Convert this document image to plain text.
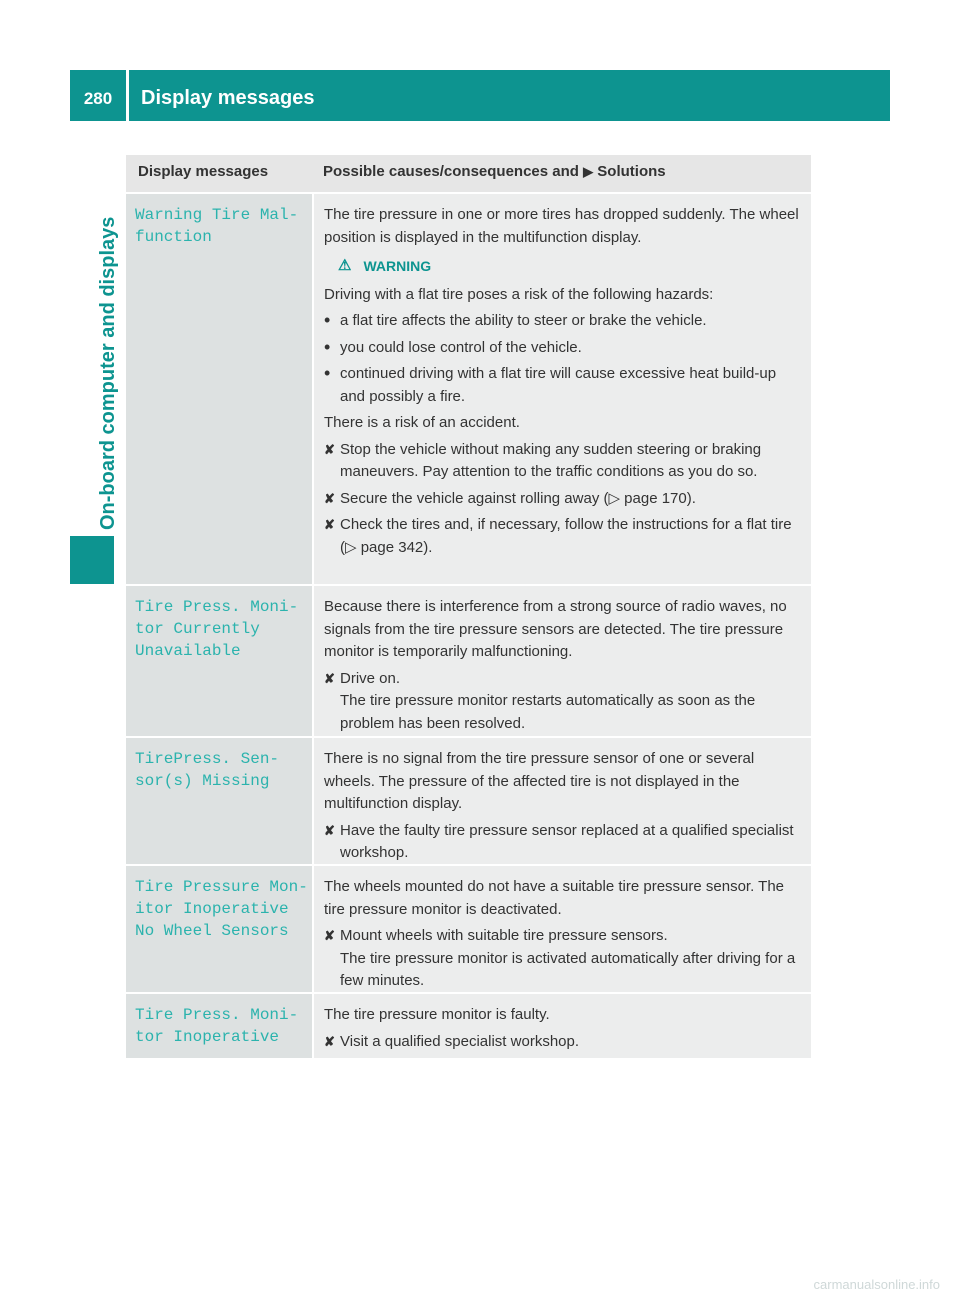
280	Display messages
On-board computer and displays
Display messages	Possible causes/consequences and ▶ Solutions
Warning Tire Mal‐
function

The tire pressure in one or more tires has dropped suddenly. The wheel position is displayed in the multifunction display.

⚠ WARNING

Driving with a flat tire poses a risk of the following hazards:

• a flat tire affects the ability to steer or brake the vehicle.
• you could lose control of the vehicle.
• continued driving with a flat tire will cause excessive heat build-up and possibly a fire.

There is a risk of an accident.

✘ Stop the vehicle without making any sudden steering or braking maneuvers. Pay attention to the traffic conditions as you do so.
✘ Secure the vehicle against rolling away (▷ page 170).
✘ Check the tires and, if necessary, follow the instructions for a flat tire (▷ page 342).
Tire Press. Moni‐
tor Currently
Unavailable

Because there is interference from a strong source of radio waves, no signals from the tire pressure sensors are detected. The tire pressure monitor is temporarily malfunctioning.

✘ Drive on.
The tire pressure monitor restarts automatically as soon as the problem has been resolved.
TirePress. Sen‐
sor(s) Missing

There is no signal from the tire pressure sensor of one or several wheels. The pressure of the affected tire is not displayed in the multifunction display.

✘ Have the faulty tire pressure sensor replaced at a qualified specialist workshop.
Tire Pressure Mon‐
itor Inoperative
No Wheel Sensors

The wheels mounted do not have a suitable tire pressure sensor. The tire pressure monitor is deactivated.

✘ Mount wheels with suitable tire pressure sensors.
The tire pressure monitor is activated automatically after driving for a few minutes.
Tire Press. Moni‐
tor Inoperative

The tire pressure monitor is faulty.

✘ Visit a qualified specialist workshop.
carmanualsonline.info
